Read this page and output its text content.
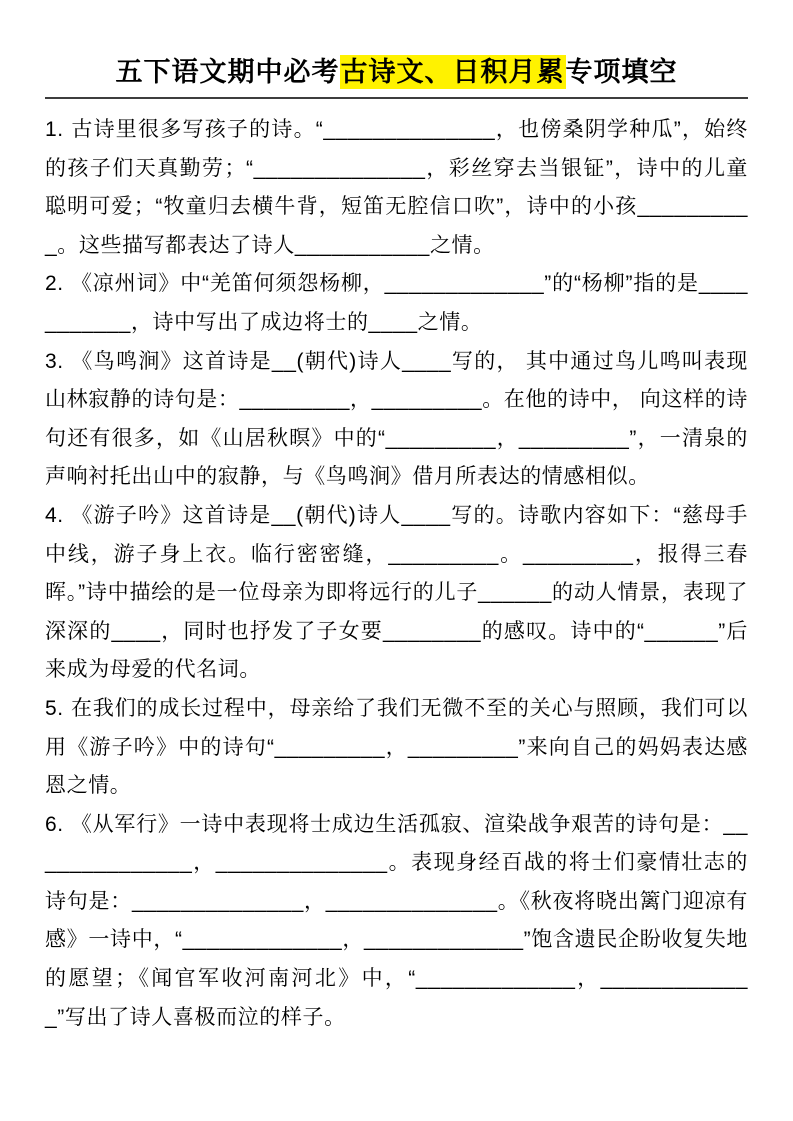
五下语文期中必考古诗文、日积月累专项填空

1. 古诗里很多写孩子的诗。“______________，也傍桑阴学种瓜”，始终的孩子们天真勤劳；“______________，彩丝穿去当银钲”，诗中的儿童聪明可爱；“牧童归去横牛背，短笛无腔信口吹”，诗中的小孩__________。这些描写都表达了诗人___________之情。

2. 《凉州词》中“羌笛何须怨杨柳，_____________”的“杨柳”指的是___________，诗中写出了成边将士的____之情。

3. 《鸟鸣涧》这首诗是__(朝代)诗人____写的， 其中通过鸟儿鸣叫表现山林寂静的诗句是：_________，_________。在他的诗中， 向这样的诗句还有很多，如《山居秋暝》中的“_________，_________”，一清泉的声响衬托出山中的寂静，与《鸟鸣涧》借月所表达的情感相似。

4. 《游子吟》这首诗是__(朝代)诗人____写的。诗歌内容如下：“慈母手中线，游子身上衣。临行密密缝，_________。_________，报得三春晖。”诗中描绘的是一位母亲为即将远行的儿子______的动人情景，表现了深深的____，同时也抒发了子女要________的感叹。诗中的“______”后来成为母爱的代名词。

5. 在我们的成长过程中，母亲给了我们无微不至的关心与照顾，我们可以用《游子吟》中的诗句“_________，_________”来向自己的妈妈表达感恩之情。

6. 《从军行》一诗中表现将士成边生活孤寂、渲染战争艰苦的诗句是：______________，______________。表现身经百战的将士们豪情壮志的诗句是：______________，______________。《秋夜将晓出篱门迎凉有感》一诗中，“_____________，_____________”饱含遗民企盼收复失地的愿望；《闻官军收河南河北》中，“_____________，_____________”写出了诗人喜极而泣的样子。
